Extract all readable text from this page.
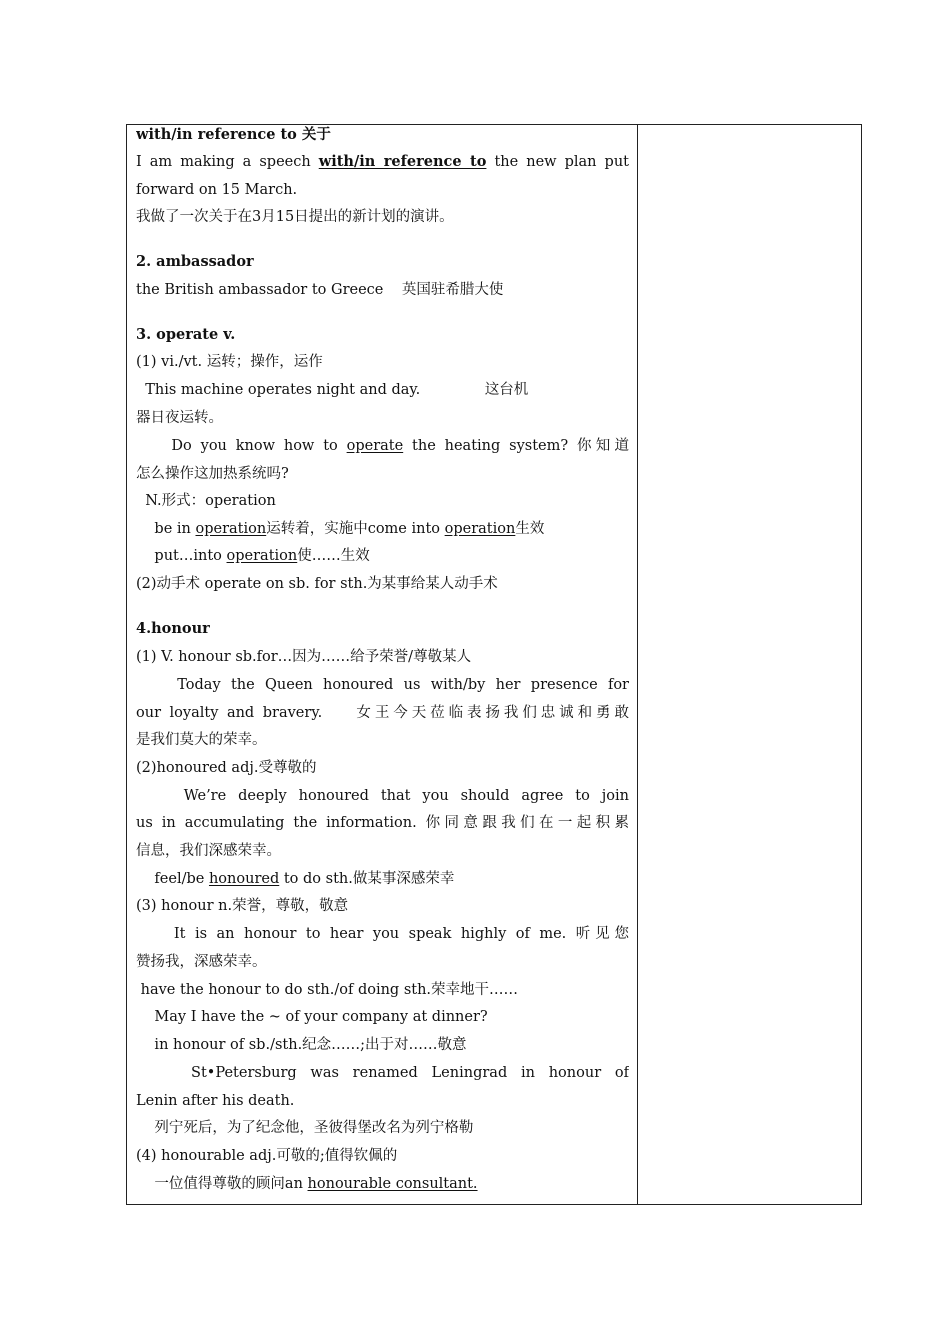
with/in reference to 关于
I am making a speech with/in reference to the new plan put
forward on 15 March.
我做了一次关于在3月15日提出的新计划的演讲。
2. ambassador
the British ambassador to Greece    英国驻希腊大使
3. operate v.
(1) vi./vt. 运转；操作，运作
This machine operates night and day.              这台机
器日夜运转。
Do you know how to operate the heating system? 你知道
怎么操作这加热系统吗?
N.形式：operation
be in operation运转着，实施中come into operation生效
put…into operation使……生效
(2)动手术 operate on sb. for sth.为某事给某人动手术
4.honour
(1) V. honour sb.for…因为……给予荣誉/尊敬某人
Today the Queen honoured us with/by her presence for
our loyalty and bravery.    女王今天莅临表扬我们忠诚和勇敢
是我们莫大的荣幸。
(2)honoured adj.受尊敬的
We’re deeply honoured that you should agree to join
us in accumulating the information. 你同意跟我们在一起积累
信息，我们深感荣幸。
feel/be honoured to do sth.做某事深感荣幸
(3) honour n.荣誉，尊敬，敬意
It is an honour to hear you speak highly of me. 听见您
赞扬我，深感荣幸。
have the honour to do sth./of doing sth.荣幸地干……
May I have the ~ of your company at dinner?
in honour of sb./sth.纪念……;出于对……敬意
St•Petersburg was renamed Leningrad in honour of
Lenin after his death.
列宁死后，为了纪念他，圣彼得堡改名为列宁格勒
(4) honourable adj.可敬的;值得钦佩的
一位值得尊敬的顾问an honourable consultant.
